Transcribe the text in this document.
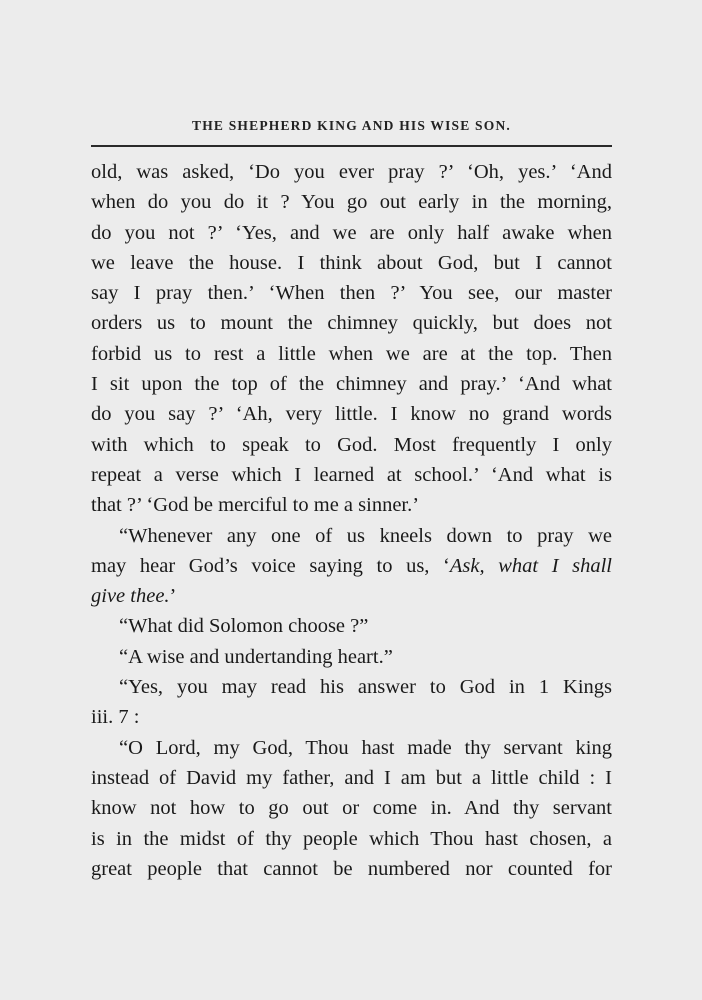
THE SHEPHERD KING AND HIS WISE SON.
old, was asked, ‘Do you ever pray ?’ ‘Oh, yes.’ ‘And
when do you do it ? You go out early in the morning,
do you not ?’ ‘Yes, and we are only half awake when
we leave the house. I think about God, but I cannot
say I pray then.’ ‘When then ?’ You see, our master
orders us to mount the chimney quickly, but does not
forbid us to rest a little when we are at the top. Then
I sit upon the top of the chimney and pray.’ ‘And what
do you say ?’ ‘Ah, very little. I know no grand words
with which to speak to God. Most frequently I only
repeat a verse which I learned at school.’ ‘And what is
that ?’ ‘God be merciful to me a sinner.’
“Whenever any one of us kneels down to pray we
may hear God’s voice saying to us, ‘Ask, what I shall
give thee.’
“What did Solomon choose ?”
“A wise and undertanding heart.”
“Yes, you may read his answer to God in 1 Kings
iii. 7 :
“O Lord, my God, Thou hast made thy servant king
instead of David my father, and I am but a little child : I
know not how to go out or come in. And thy servant
is in the midst of thy people which Thou hast chosen, a
great people that cannot be numbered nor counted for
